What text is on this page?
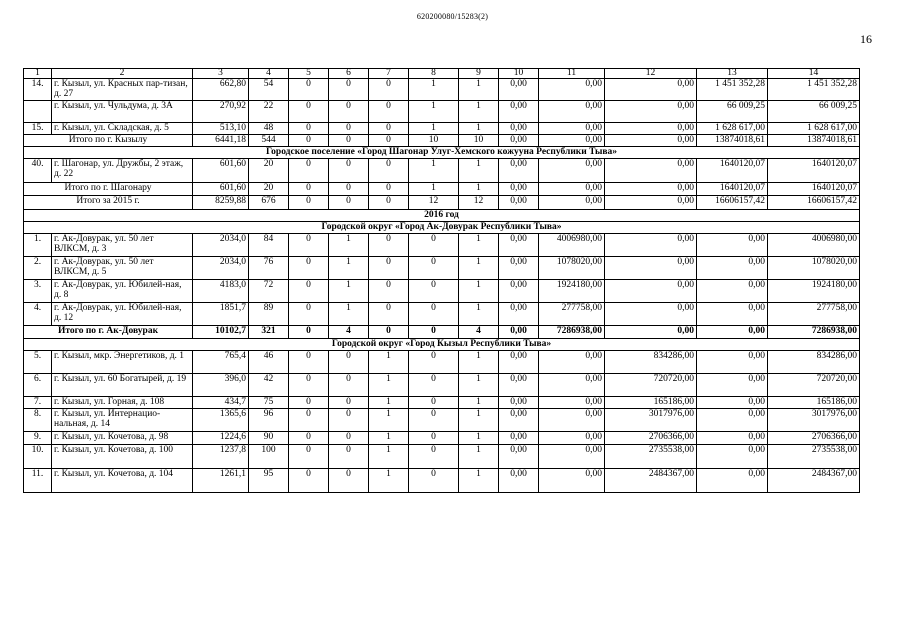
620200080/15283(2)
16
1	2	3	4	5	6	7	8	9	10	11	12	13	14
14.	г. Кызыл, ул. Красных пар-тизан, д. 27	662,80	54	0	0	0	1	1	0,00	0,00	0,00	1 451 352,28	1 451 352,28
	г. Кызыл, ул. Чульдума, д. 3А	270,92	22	0	0	0	1	1	0,00	0,00	0,00	66 009,25	66 009,25
15.	г. Кызыл, ул. Складская, д. 5	513,10	48	0	0	0	1	1	0,00	0,00	0,00	1 628 617,00	1 628 617,00
Итого по г. Кызылу		6441,18	544	0	0	0	10	10	0,00	0,00	0,00	13874018,61	13874018,61
Городское поселение «Город Шагонар Улуг-Хемского кожууна Республики Тыва»													
40.	г. Шагонар, ул. Дружбы, 2 этаж, д. 22	601,60	20	0	0	0	1	1	0,00	0,00	0,00	1640120,07	1640120,07
Итого по г. Шагонару		601,60	20	0	0	0	1	1	0,00	0,00	0,00	1640120,07	1640120,07
Итого за 2015 г.		8259,88	676	0	0	0	12	12	0,00	0,00	0,00	16606157,42	16606157,42
2016 год													
Городской округ «Город Ак-Довурак Республики Тыва»													
1.	г. Ак-Довурак, ул. 50 лет ВЛКСМ, д. 3	2034,0	84	0	1	0	0	1	0,00	4006980,00	0,00	0,00	4006980,00
2.	г. Ак-Довурак, ул. 50 лет ВЛКСМ, д. 5	2034,0	76	0	1	0	0	1	0,00	1078020,00	0,00	0,00	1078020,00
3.	г. Ак-Довурак, ул. Юбилей-ная, д. 8	4183,0	72	0	1	0	0	1	0,00	1924180,00	0,00	0,00	1924180,00
4.	г. Ак-Довурак, ул. Юбилей-ная, д. 12	1851,7	89	0	1	0	0	1	0,00	277758,00	0,00	0,00	277758,00
Итого по г. Ак-Довурак		10102,7	321	0	4	0	0	4	0,00	7286938,00	0,00	0,00	7286938,00
Городской округ «Город Кызыл Республики Тыва»													
5.	г. Кызыл, мкр. Энергетиков, д. 1	765,4	46	0	0	1	0	1	0,00	0,00	834286,00	0,00	834286,00
6.	г. Кызыл, ул. 60 Богатырей, д. 19	396,0	42	0	0	1	0	1	0,00	0,00	720720,00	0,00	720720,00
7.	г. Кызыл, ул. Горная, д. 108	434,7	75	0	0	1	0	1	0,00	0,00	165186,00	0,00	165186,00
8.	г. Кызыл, ул. Интернацио-нальная, д. 14	1365,6	96	0	0	1	0	1	0,00	0,00	3017976,00	0,00	3017976,00
9.	г. Кызыл, ул. Кочетова, д. 98	1224,6	90	0	0	1	0	1	0,00	0,00	2706366,00	0,00	2706366,00
10.	г. Кызыл, ул. Кочетова, д. 100	1237,8	100	0	0	1	0	1	0,00	0,00	2735538,00	0,00	2735538,00
11.	г. Кызыл, ул. Кочетова, д. 104	1261,1	95	0	0	1	0	1	0,00	0,00	2484367,00	0,00	2484367,00
